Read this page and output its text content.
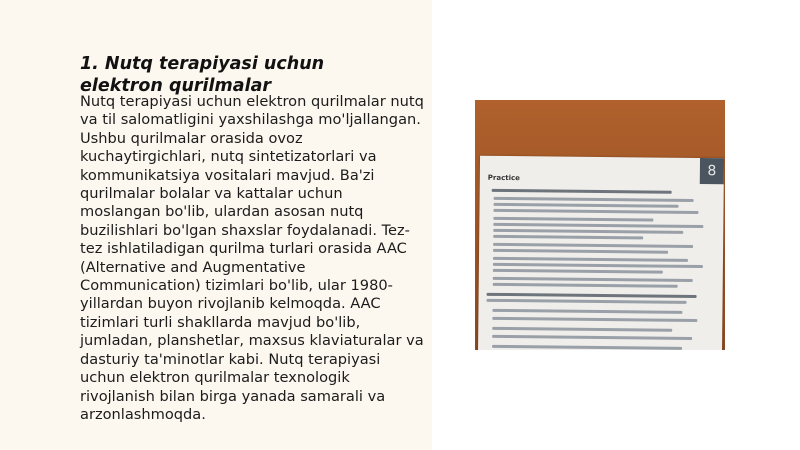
1. Nutq terapiyasi uchun elektron qurilmalar

Nutq terapiyasi uchun elektron qurilmalar nutq va til salomatligini yaxshilashga mo'ljallangan. Ushbu qurilmalar orasida ovoz kuchaytirgichlari, nutq sintetizatorlari va kommunikatsiya vositalari mavjud. Ba'zi qurilmalar bolalar va kattalar uchun moslangan bo'lib, ulardan asosan nutq buzilishlari bo'lgan shaxslar foydalanadi. Tez-tez ishlatiladigan qurilma turlari orasida AAC (Alternative and Augmentative Communication) tizimlari bo'lib, ular 1980-yillardan buyon rivojlanib kelmoqda. AAC tizimlari turli shakllarda mavjud bo'lib, jumladan, planshetlar, maxsus klaviaturalar va dasturiy ta'minotlar kabi. Nutq terapiyasi uchun elektron qurilmalar texnologik rivojlanish bilan birga yanada samarali va arzonlashmoqda.

8
Practice
